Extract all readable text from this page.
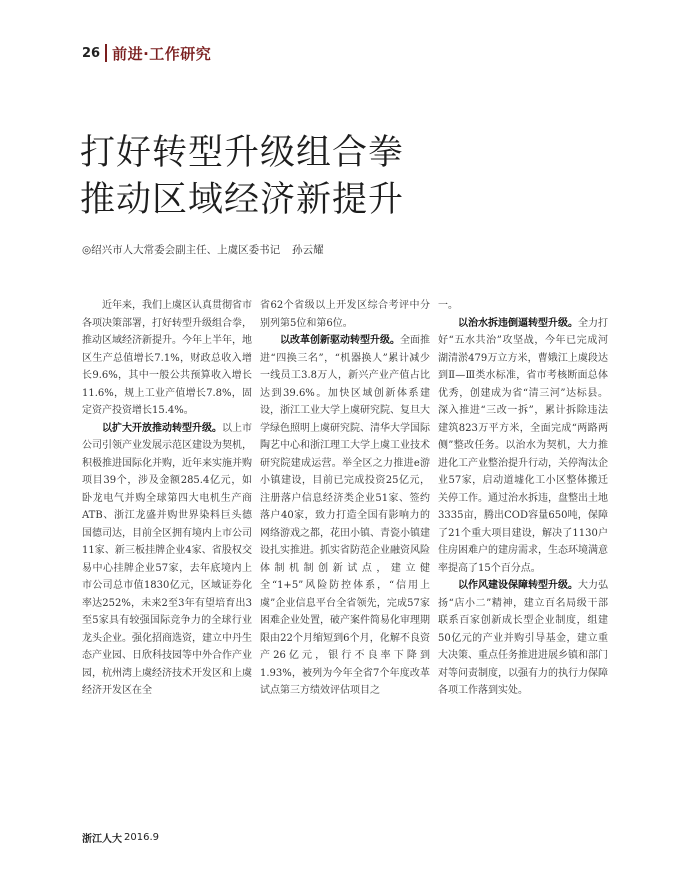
26 前进·工作研究
打好转型升级组合拳
推动区域经济新提升
◎绍兴市人大常委会副主任、上虞区委书记 孙云耀

近年来，我们上虞区认真贯彻省市各项决策部署，打好转型升级组合拳，推动区域经济新提升。今年上半年，地区生产总值增长7.1%，财政总收入增长9.6%，其中一般公共预算收入增长11.6%，规上工业产值增长7.8%，固定资产投资增长15.4%。

以扩大开放推动转型升级。以上市公司引领产业发展示范区建设为契机，积极推进国际化并购，近年来实施并购项目39个，涉及金额285.4亿元，如卧龙电气并购全球第四大电机生产商ATB、浙江龙盛并购世界染料巨头德国德司达，目前全区拥有境内上市公司11家、新三板挂牌企业4家、省股权交易中心挂牌企业57家，去年底境内上市公司总市值1830亿元，区域证券化率达252%，未来2至3年有望培育出3至5家具有较强国际竞争力的全球行业龙头企业。强化招商选资，建立中丹生态产业园、日欣科技园等中外合作产业园，杭州湾上虞经济技术开发区和上虞经济开发区在全

省62个省级以上开发区综合考评中分别列第5位和第6位。

以改革创新驱动转型升级。全面推进“四换三名”，“机器换人”累计减少一线员工3.8万人，新兴产业产值占比达到39.6%。加快区域创新体系建设，浙江工业大学上虞研究院、复旦大学绿色照明上虞研究院、清华大学国际陶艺中心和浙江理工大学上虞工业技术研究院建成运营。举全区之力推进e游小镇建设，目前已完成投资25亿元，注册落户信息经济类企业51家、签约落户40家，致力打造全国有影响力的网络游戏之都，花田小镇、青瓷小镇建设扎实推进。抓实省防范企业融资风险体制机制创新试点，建立健全“1+5”风险防控体系，“信用上虞”企业信息平台全省领先，完成57家困难企业处置，破产案件简易化审理期限由22个月缩短到6个月，化解不良资产26亿元，银行不良率下降到1.93%，被列为今年全省7个年度改革试点第三方绩效评估项目之

一。

以治水拆违倒逼转型升级。全力打好“五水共治”攻坚战，今年已完成河湖清淤479万立方米，曹娥江上虞段达到Ⅱ—Ⅲ类水标准，省市考核断面总体优秀，创建成为省“清三河”达标县。深入推进“三改一拆”，累计拆除违法建筑823万平方米，全面完成“两路两侧”整改任务。以治水为契机，大力推进化工产业整治提升行动，关停淘汰企业57家，启动道墟化工小区整体搬迁关停工作。通过治水拆违，盘整出土地3335亩，腾出COD容量650吨，保障了21个重大项目建设，解决了1130户住房困难户的建房需求，生态环境满意率提高了15个百分点。

以作风建设保障转型升级。大力弘扬“店小二”精神，建立百名局级干部联系百家创新成长型企业制度，组建50亿元的产业并购引导基金，建立重大决策、重点任务推进进展乡镇和部门对等问责制度，以强有力的执行力保障各项工作落到实处。

浙江人大 2016.9
